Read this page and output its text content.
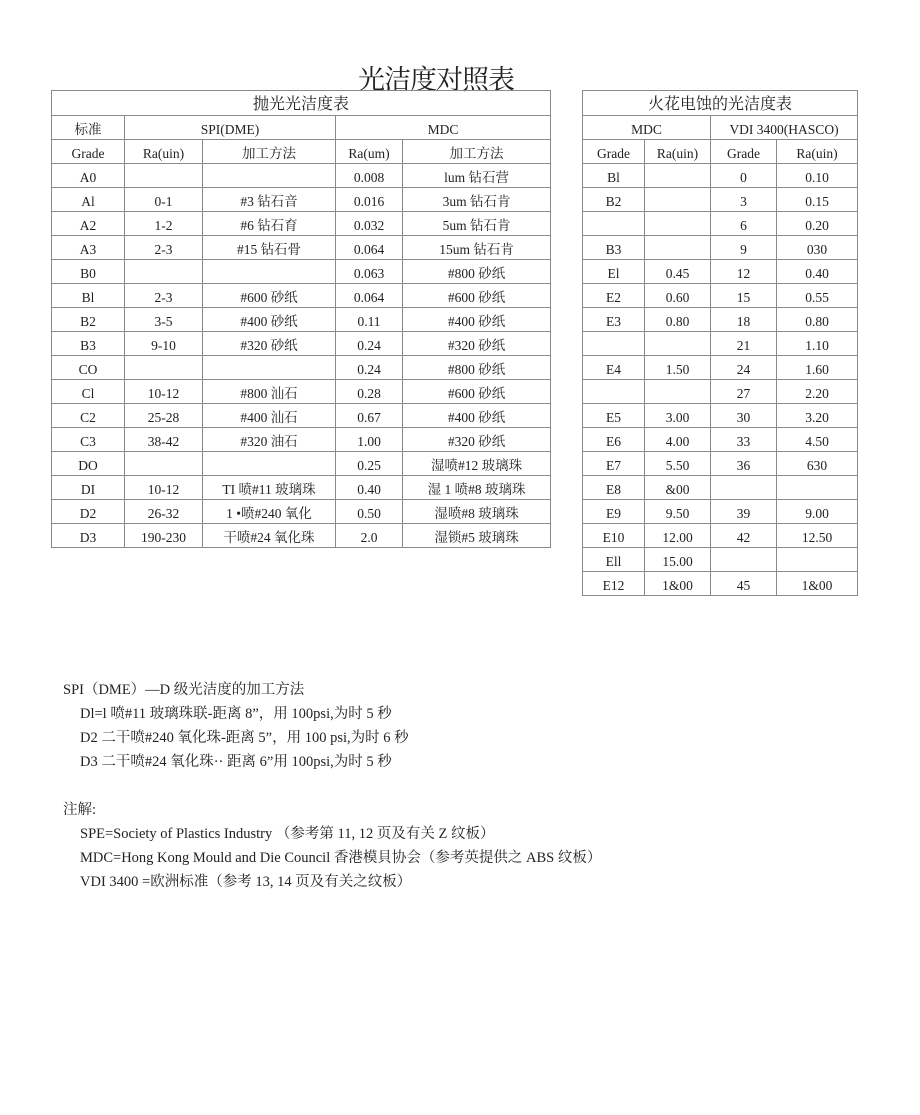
光洁度对照表
抛光光洁度表				
标准	SPI(DME)		MDC	
Grade	Ra(uin)	加工方法	Ra(um)	加工方法
A0			0.008	lum 钻石营
Al	0-1	#3 钻石音	0.016	3um 钻石肯
A2	1-2	#6 钻石育	0.032	5um 钻石肯
A3	2-3	#15 钻石骨	0.064	15um 钻石肯
B0			0.063	#800 砂纸
Bl	2-3	#600 砂纸	0.064	#600 砂纸
B2	3-5	#400 砂纸	0.11	#400 砂纸
B3	9-10	#320 砂纸	0.24	#320 砂纸
CO			0.24	#800 砂纸
Cl	10-12	#800 汕石	0.28	#600 砂纸
C2	25-28	#400 汕石	0.67	#400 砂纸
C3	38-42	#320 油石	1.00	#320 砂纸
DO			0.25	湿喷#12 玻璃珠
DI	10-12	TI 喷#11 玻璃珠	0.40	湿 1 喷#8 玻璃珠
D2	26-32	1 •喷#240 氧化	0.50	湿喷#8 玻璃珠
D3	190-230	干喷#24 氧化珠	2.0	湿锁#5 玻璃珠
火花电蚀的光洁度表			
MDC		VDI 3400(HASCO)	
Grade	Ra(uin)	Grade	Ra(uin)
Bl		0	0.10
B2		3	0.15
		6	0.20
B3		9	030
El	0.45	12	0.40
E2	0.60	15	0.55
E3	0.80	18	0.80
		21	1.10
E4	1.50	24	1.60
		27	2.20
E5	3.00	30	3.20
E6	4.00	33	4.50
E7	5.50	36	630
E8	&00		
E9	9.50	39	9.00
E10	12.00	42	12.50
Ell	15.00		
E12	1&00	45	1&00
SPI（DME）—D 级光洁度的加工方法
Dl=l 喷#11 玻璃珠联-距离 8”，用 100psi,为时 5 秒
D2 二干喷#240 氧化珠-距离 5”，用 100 psi,为时 6 秒
D3 二干喷#24 氧化珠·· 距离 6”用 100psi,为时 5 秒
注解:
SPE=Society of Plastics Industry （参考第 11, 12 页及有关 Z 纹板）
MDC=Hong Kong Mould and Die Council 香港模貝协会（参考英提供之 ABS 纹板）
VDI 3400 =欧洲标准（参考 13, 14 页及有关之纹板）
